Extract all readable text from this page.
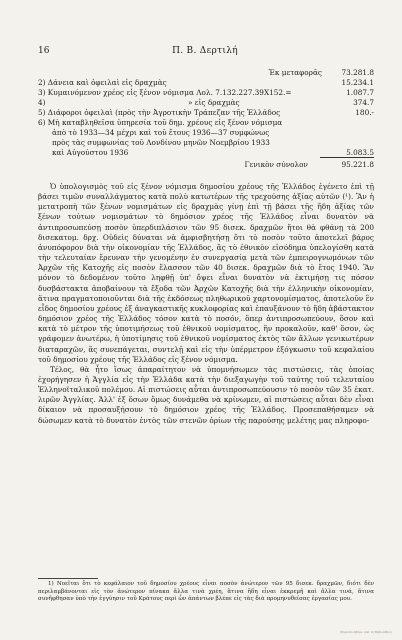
16	Π. Β. Δερτιλή
Ἐκ μεταφορᾶς	73.281.8
2) Δάνεια καὶ ὀφειλαὶ εἰς δραχμὰς	15.234.1
3) Κυμαινόμενον χρέος εἰς ξένον νόμισμα Λολ. 7.132.227.39X152.=	1.087.7
4)	» εἰς δραχμὰς	374.7
5) Διάφοροι ὀφειλαὶ (πρὸς τὴν Ἀγροτικὴν Τράπεζαν τῆς Ἑλλάδος	180.-
6) Μὴ καταβληθεῖσα ὑπηρεσία τοῦ δημ. χρέους εἰς ξένον νόμισμα
ἀπὸ τὸ 1933—34 μέχρι καὶ τοῦ ἔτους 1936—37 συμφώνως
πρὸς τὰς συμφωνίας τοῦ Λονδίνου μηνῶν Νοεμβρίου 1933
καὶ Αὐγούστου 1936	5.083.5
Γενικὸν σύνολον	95.221.8

Ὁ ὑπολογισμὸς τοῦ εἰς ξένον νόμισμα δημοσίου χρέους τῆς Ἑλλάδος ἐγένετο ἐπὶ τῇ βάσει τιμῶν συναλλάγματος κατὰ πολὺ κατωτέρων τῆς τρεχούσης ἀξίας αὐτῶν (¹). Ἂν ἡ μετατροπὴ τῶν ξένων νομισμάτων εἰς δραχμὰς γίνῃ ἐπὶ τῇ βάσει τῆς ἤδη ἀξίας τῶν ξένων τούτων νομισμάτων τὸ δημόσιον χρέος τῆς Ἑλλάδος εἶναι δυνατὸν νὰ ἀντιπροσωπεύσῃ ποσὸν ὑπερδιπλάσιον τῶν 95 δισεκ. δραχμῶν ἤτοι θὰ φθάνῃ τὰ 200 δισεκατομ. δρχ. Οὐδεὶς δύναται νὰ ἀμφισβητήσῃ ὅτι τὸ ποσὸν τοῦτο ἀποτελεῖ βάρος ἀνυπόφορον διὰ τὴν οἰκονομίαν τῆς Ἑλλάδος, ἂς τὸ ἐθνικὸν εἰσόδημα ὑπελογίσθη κατὰ τὴν τελευταίαν ἔρευναν τὴν γενομένην ἐν συνεργασίᾳ μετὰ τῶν ἐμπειρογνωμόνων τῶν Ἀρχῶν τῆς Κατοχῆς εἰς ποσὸν ἔλασσον τῶν 40 δισεκ. δραχμῶν διὰ τὸ ἔτος 1940. Ἂν μόνον τὸ δεδομένον τοῦτο ληφθῇ ὑπ' ὄψει εἶναι δυνατὸν νὰ ἐκτιμήσῃ τις πόσον δυσβάστακτα ἀποβαίνουν τὰ ἔξοδα τῶν Ἀρχῶν Κατοχῆς διὰ τὴν ἑλληνικὴν οἰκονομίαν, ἅτινα πραγματοποιοῦνται διὰ τῆς ἐκδόσεως πληθωρικοῦ χαρτονομίσματος, ἀποτελοῦν ἓν εἶδος δημοσίου χρέους ἐξ ἀναγκαστικῆς κυκλοφορίας καὶ ἐπαυξάνουν τὸ ἤδη ἀβάστακτον δημόσιον χρέος τῆς Ἑλλάδος τόσον κατὰ τὸ ποσόν, ὅπερ ἀντιπροσωπεύουν, ὅσον καὶ κατὰ τὸ μέτρον τῆς ὑποτιμήσεως τοῦ ἐθνικοῦ νομίσματος, ἣν προκαλοῦν, καθ' ὅσον, ὡς γράφομεν ἀνωτέρω, ἡ ὑποτίμησις τοῦ ἐθνικοῦ νομίσματος ἐκτὸς τῶν ἄλλων γενικωτέρων διαταραχῶν, ἃς συνεπάγεται, συντελῇ καὶ εἰς τὴν ὑπέρμετρον ἐξόγκωσιν τοῦ κεφαλαίου τοῦ δημοσίου χρέους τῆς Ἑλλάδος εἰς ξένον νόμισμα.

Τέλος, θὰ ἦτο ἴσως ἀπαραίτητον νὰ ὑπομνήσωμεν τὰς πιστώσεις, τὰς ὁποίας ἐχορήγησεν ἡ Ἀγγλία εἰς τὴν Ἑλλάδα κατὰ τὴν διεξαγωγὴν τοῦ ταύτης τοῦ τελευταίου Ἑλληνοϊταλικοῦ πολέμου. Αἱ πιστώσεις αὗται ἀντιπροσωπεύουσιν τὸ ποσὸν τῶν 35 ἑκατ. λιρῶν Ἀγγλίας. Ἀλλ' ἐξ ὅσων ὅμως δυνάμεθα νὰ κρίνωμεν, αἱ πιστώσεις αὗται δὲν εἶναι δίκαιον νὰ προσαυξήσουν τὸ δημόσιον χρέος τῆς Ἑλλάδος. Προσεπαθήσαμεν νὰ δώσωμεν κατὰ τὸ δυνατὸν ἐντὸς τῶν στενῶν ὁρίων τῆς παρούσης μελέτης μας πληροφο-

1) Νοεῖται ὅτι τὸ κεφάλαιον τοῦ δημοσίου χρέους εἶναι ποσὸν ἀνώτερον τῶν 95 δισεκ. δραχμῶν, διότι δὲν περιλαμβάνονται εἰς τὸν ἀνώτερον πίνακα ἄλλα τινὰ χρέη, ἅτινα ἤδη εἶναι ἐκκρεμῆ καὶ ἄλλα τινά, ἅτινα συνῆφθησαν ὑπὸ τὴν ἐγγύησιν τοῦ Κράτους περὶ ὧν ἀπάντων βλέπε εἰς τὰς διὰ προμηνυθείσας ἐργασίας μου.

Ψηφιοποιήθηκε από τη Βιβλιοθήκη
